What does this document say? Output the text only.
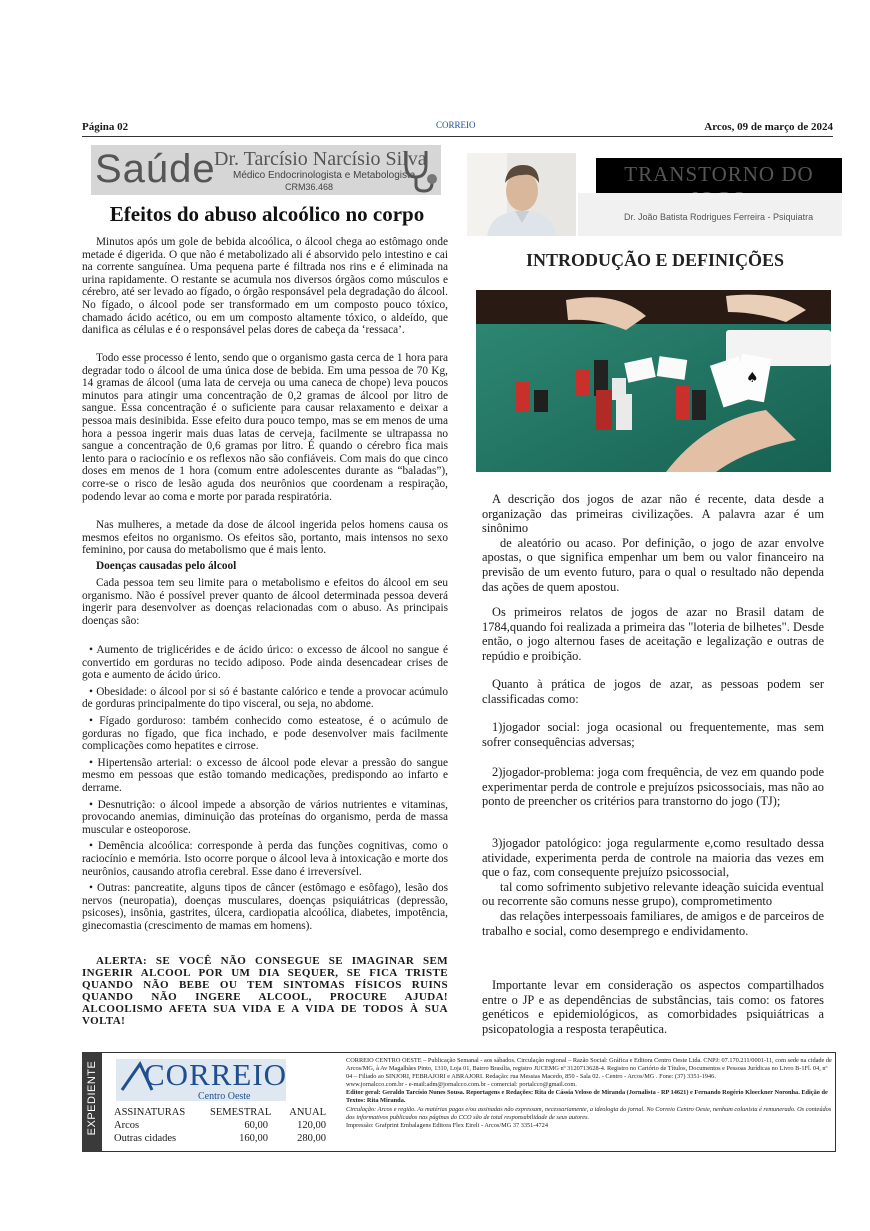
Página 02	CORREIO	Arcos, 09 de março de 2024
Saúde
Dr. Tarcísio Narcísio Silva
Médico Endocrinologista e Metabologista
CRM36.468
Efeitos do abuso alcoólico no corpo

Minutos após um gole de bebida alcoólica, o álcool chega ao estômago onde metade é digerida. O que não é metabolizado ali é absorvido pelo intestino e cai na corrente sanguínea. Uma pequena parte é filtrada nos rins e é eliminada na urina rapidamente. O restante se acumula nos diversos órgãos como músculos e cérebro, até ser levado ao fígado, o órgão responsável pela degradação do álcool. No fígado, o álcool pode ser transformado em um composto pouco tóxico, chamado ácido acético, ou em um composto altamente tóxico, o aldeído, que danifica as células e é o responsável pelas dores de cabeça da ‘ressaca’.

Todo esse processo é lento, sendo que o organismo gasta cerca de 1 hora para degradar todo o álcool de uma única dose de bebida. Em uma pessoa de 70 Kg, 14 gramas de álcool (uma lata de cerveja ou uma caneca de chope) leva poucos minutos para atingir uma concentração de 0,2 gramas de álcool por litro de sangue. Essa concentração é o suficiente para causar relaxamento e deixar a pessoa mais desinibida. Esse efeito dura pouco tempo, mas se em menos de uma hora a pessoa ingerir mais duas latas de cerveja, facilmente se ultrapassa no sangue a concentração de 0,6 gramas por litro. É quando o cérebro fica mais lento para o raciocínio e os reflexos não são confiáveis. Com mais do que cinco doses em menos de 1 hora (comum entre adolescentes durante as “baladas”), corre-se o risco de lesão aguda dos neurônios que coordenam a respiração, podendo levar ao coma e morte por parada respiratória.

Nas mulheres, a metade da dose de álcool ingerida pelos homens causa os mesmos efeitos no organismo. Os efeitos são, portanto, mais intensos no sexo feminino, por causa do metabolismo que é mais lento.

Doenças causadas pelo álcool

Cada pessoa tem seu limite para o metabolismo e efeitos do álcool em seu organismo. Não é possível prever quanto de álcool determinada pessoa deverá ingerir para desenvolver as doenças relacionadas com o abuso. As principais doenças são:

• Aumento de triglicérides e de ácido úrico: o excesso de álcool no sangue é convertido em gorduras no tecido adiposo. Pode ainda desencadear crises de gota e aumento de ácido úrico.

• Obesidade: o álcool por si só é bastante calórico e tende a provocar acúmulo de gorduras principalmente do tipo visceral, ou seja, no abdome.

• Fígado gorduroso: também conhecido como esteatose, é o acúmulo de gorduras no fígado, que fica inchado, e pode desenvolver mais facilmente complicações como hepatites e cirrose.

• Hipertensão arterial: o excesso de álcool pode elevar a pressão do sangue mesmo em pessoas que estão tomando medicações, predispondo ao infarto e derrame.

• Desnutrição: o álcool impede a absorção de vários nutrientes e vitaminas, provocando anemias, diminuição das proteínas do organismo, perda de massa muscular e osteoporose.

• Demência alcoólica: corresponde à perda das funções cognitivas, como o raciocínio e memória. Isto ocorre porque o álcool leva à intoxicação e morte dos neurônios, causando atrofia cerebral. Esse dano é irreversível.

• Outras: pancreatite, alguns tipos de câncer (estômago e esôfago), lesão dos nervos (neuropatia), doenças musculares, doenças psiquiátricas (depressão, psicoses), insônia, gastrites, úlcera, cardiopatia alcoólica, diabetes, impotência, ginecomastia (crescimento de mamas em homens).

ALERTA: SE VOCÊ NÃO CONSEGUE SE IMAGINAR SEM INGERIR ALCOOL POR UM DIA SEQUER, SE FICA TRISTE QUANDO NÃO BEBE OU TEM SINTOMAS FÍSICOS RUINS QUANDO NÃO INGERE ALCOOL, PROCURE AJUDA! ALCOOLISMO AFETA SUA VIDA E A VIDA DE TODOS À SUA VOLTA!
TRANSTORNO DO
Dr. João Batista Rodrigues Ferreira - Psiquiatra
INTRODUÇÃO E DEFINIÇÕES
♠

A descrição dos jogos de azar não é recente, data desde a organização das primeiras civilizações. A palavra azar é um sinônimo

de aleatório ou acaso. Por definição, o jogo de azar envolve apostas, o que significa empenhar um bem ou valor financeiro na previsão de um evento futuro, para o qual o resultado não dependa das ações de quem apostou.

Os primeiros relatos de jogos de azar no Brasil datam de 1784,quando foi realizada a primeira das "loteria de bilhetes". Desde então, o jogo alternou fases de aceitação e legalização e outras de repúdio e proibição.

Quanto à prática de jogos de azar, as pessoas podem ser classificadas como:

1)jogador social: joga ocasional ou frequentemente, mas sem sofrer consequências adversas;

2)jogador-problema: joga com frequência, de vez em quando pode experimentar perda de controle e prejuízos psicossociais, mas não ao ponto de preencher os critérios para transtorno do jogo (TJ);

3)jogador patológico: joga regularmente e,como resultado dessa atividade, experimenta perda de controle na maioria das vezes em que o faz, com consequente prejuízo psicossocial,

tal como sofrimento subjetivo relevante ideação suicida eventual ou recorrente são comuns nesse grupo), comprometimento

das relações interpessoais familiares, de amigos e de parceiros de trabalho e social, como desemprego e endividamento.

Importante levar em consideração os aspectos compartilhados entre o JP e as dependências de substâncias, tais como: os fatores genéticos e epidemiológicos, as comorbidades psiquiátricas a psicopatologia a resposta terapêutica.

EXPEDIENTE CORREIO
Centro Oeste
ASSINATURAS SEMESTRAL ANUAL
Arcos	60,00	120,00
Outras cidades	160,00	280,00

CORREIO CENTRO OESTE – Publicação Semanal - aos sábados. Circulação regional – Razão Social: Gráfica e Editora Centro Oeste Ltda. CNPJ: 07.170.211/0001-11, com sede na cidade de Arcos/MG, à Av Magalhães Pinto, 1310, Loja 01, Bairro Brasília, registro JUCEMG nº 3120713628-4. Registro no Cartório de Títulos, Documentos e Pessoas Jurídicas no Livro B-1Fl. 04, nº 04 – Filiado ao SINJORI, FEBRAJORI e ABRAJORI. Redação: rua Messias Macedo, 850 - Sala 02. - Centro - Arcos/MG . Fone: (37) 3351-1946.

www.jornalcco.com.br - e-mail:adm@jornalcco.com.br - comercial: portalcco@gmail.com.

Editor geral: Geraldo Tarcísio Nunes Sousa. Reportagens e Redações: Rita de Cássia Veloso de Miranda (Jornalista - RP 14621) e Fernando Rogério Kloeckner Noronha. Edição de Textos: Rita Miranda.

Circulação: Arcos e região. As matérias pagas e/ou assinadas não expressam, necessariamente, a ideologia do jornal. No Correio Centro Oeste, nenhum colunista é remunerado. Os conteúdos dos informativos publicados nas páginas do CCO são de total responsabilidade de seus autores.

Impressão: Grafprint Embalagens Editora Flex Eireli - Arcos/MG 37 3351-4724
